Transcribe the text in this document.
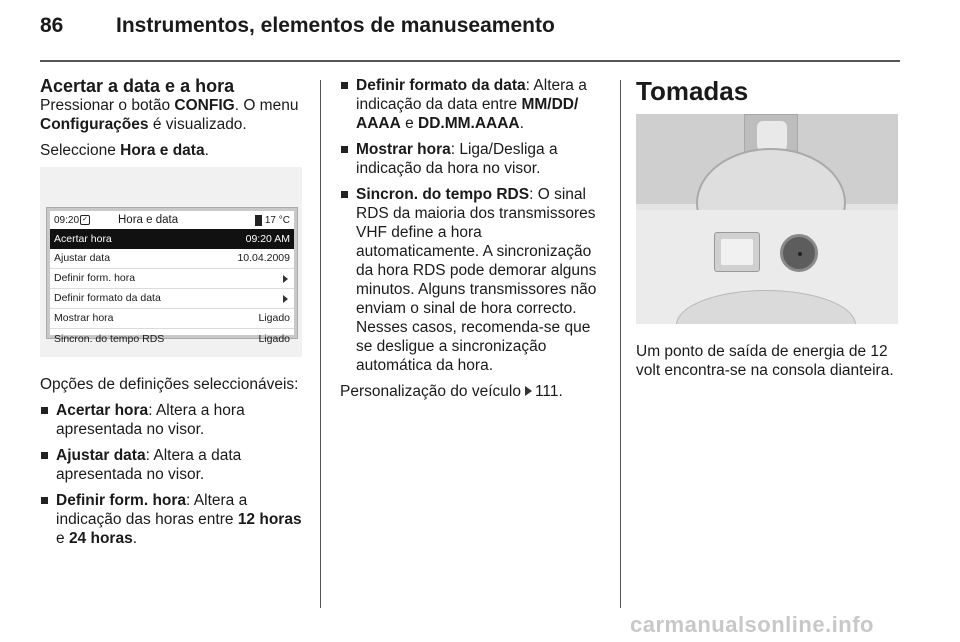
86	Instrumentos, elementos de manuseamento
Acertar a data e a hora

Pressionar o botão CONFIG. O menu Configurações é visualizado.

Seleccione Hora e data.

09:20 ✓	Hora e data	17 °C
Acertar hora	09:20 AM
Ajustar data	10.04.2009
Definir form. hora
Definir formato da data
Mostrar hora	Ligado
Sincron. do tempo RDS	Ligado

Opções de definições seleccionáveis:

Acertar hora: Altera a hora apresentada no visor.
Ajustar data: Altera a data apresentada no visor.
Definir form. hora: Altera a indicação das horas entre 12 horas e 24 horas.
Definir formato da data: Altera a indicação da data entre MM/DD/ AAAA e DD.MM.AAAA.
Mostrar hora: Liga/Desliga a indicação da hora no visor.
Sincron. do tempo RDS: O sinal RDS da maioria dos transmissores VHF define a hora automaticamente. A sincronização da hora RDS pode demorar alguns minutos. Alguns transmissores não enviam o sinal de hora correcto. Nesses casos, recomenda-se que se desligue a sincronização automática da hora.

Personalização do veículo 111.

Tomadas

Um ponto de saída de energia de 12 volt encontra-se na consola dianteira.

carmanualsonline.info
